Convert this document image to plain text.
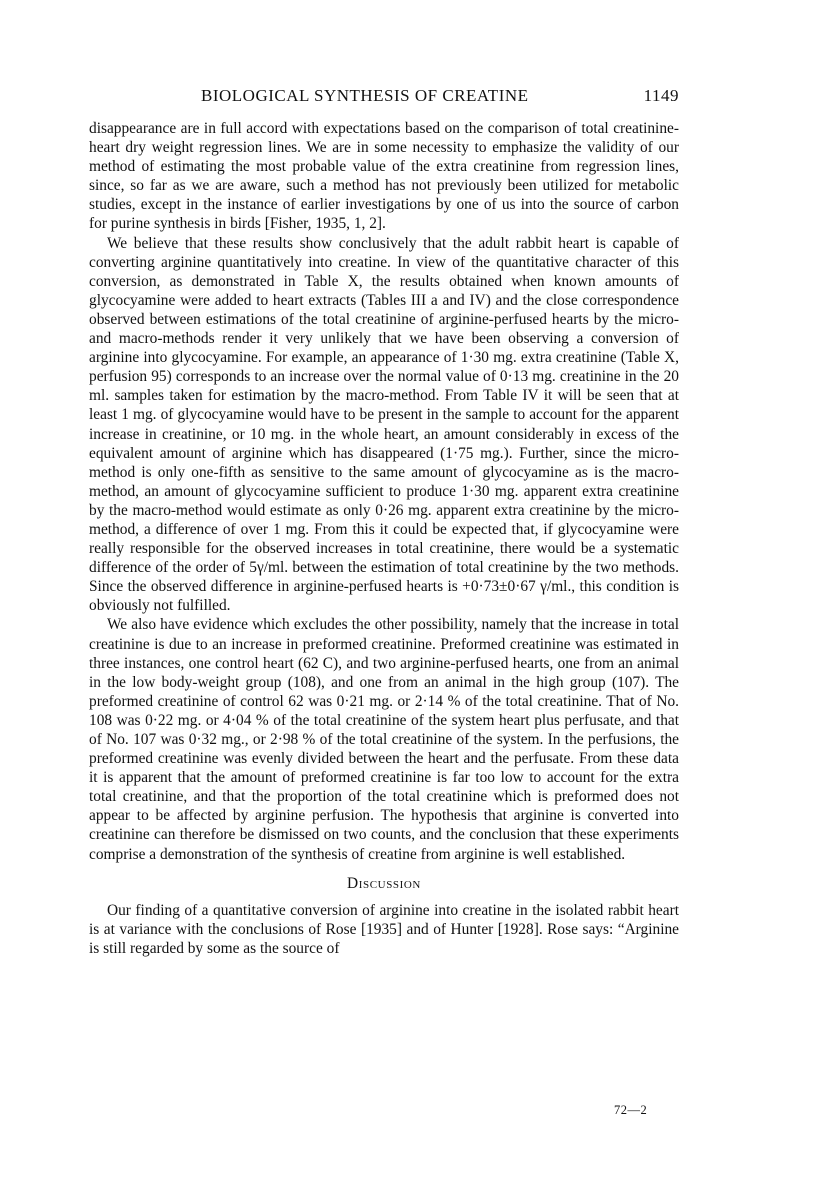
BIOLOGICAL SYNTHESIS OF CREATINE	1149

disappearance are in full accord with expectations based on the comparison of total creatinine-heart dry weight regression lines. We are in some necessity to emphasize the validity of our method of estimating the most probable value of the extra creatinine from regression lines, since, so far as we are aware, such a method has not previously been utilized for metabolic studies, except in the instance of earlier investigations by one of us into the source of carbon for purine synthesis in birds [Fisher, 1935, 1, 2].

We believe that these results show conclusively that the adult rabbit heart is capable of converting arginine quantitatively into creatine. In view of the quantitative character of this conversion, as demonstrated in Table X, the results obtained when known amounts of glycocyamine were added to heart extracts (Tables III a and IV) and the close correspondence observed between estimations of the total creatinine of arginine-perfused hearts by the micro- and macro-methods render it very unlikely that we have been observing a conversion of arginine into glycocyamine. For example, an appearance of 1·30 mg. extra creatinine (Table X, perfusion 95) corresponds to an increase over the normal value of 0·13 mg. creatinine in the 20 ml. samples taken for estimation by the macro-method. From Table IV it will be seen that at least 1 mg. of glycocyamine would have to be present in the sample to account for the apparent increase in creatinine, or 10 mg. in the whole heart, an amount considerably in excess of the equivalent amount of arginine which has disappeared (1·75 mg.). Further, since the micro-method is only one-fifth as sensitive to the same amount of glycocyamine as is the macro-method, an amount of glycocyamine sufficient to produce 1·30 mg. apparent extra creatinine by the macro-method would estimate as only 0·26 mg. apparent extra creatinine by the micro-method, a difference of over 1 mg. From this it could be expected that, if glycocyamine were really responsible for the observed increases in total creatinine, there would be a systematic difference of the order of 5γ/ml. between the estimation of total creatinine by the two methods. Since the observed difference in arginine-perfused hearts is +0·73±0·67 γ/ml., this condition is obviously not fulfilled.

We also have evidence which excludes the other possibility, namely that the increase in total creatinine is due to an increase in preformed creatinine. Preformed creatinine was estimated in three instances, one control heart (62 C), and two arginine-perfused hearts, one from an animal in the low body-weight group (108), and one from an animal in the high group (107). The preformed creatinine of control 62 was 0·21 mg. or 2·14 % of the total creatinine. That of No. 108 was 0·22 mg. or 4·04 % of the total creatinine of the system heart plus perfusate, and that of No. 107 was 0·32 mg., or 2·98 % of the total creatinine of the system. In the perfusions, the preformed creatinine was evenly divided between the heart and the perfusate. From these data it is apparent that the amount of preformed creatinine is far too low to account for the extra total creatinine, and that the proportion of the total creatinine which is preformed does not appear to be affected by arginine perfusion. The hypothesis that arginine is converted into creatinine can therefore be dismissed on two counts, and the conclusion that these experiments comprise a demonstration of the synthesis of creatine from arginine is well established.

Discussion

Our finding of a quantitative conversion of arginine into creatine in the isolated rabbit heart is at variance with the conclusions of Rose [1935] and of Hunter [1928]. Rose says: “Arginine is still regarded by some as the source of

72—2
